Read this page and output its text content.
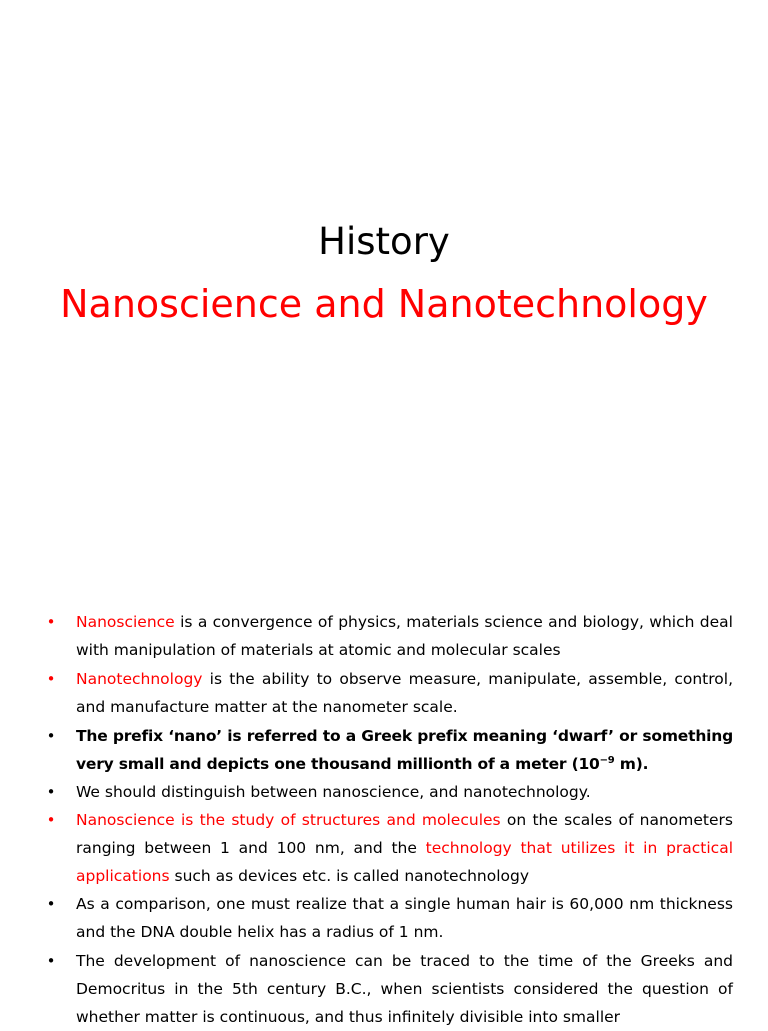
History
Nanoscience and Nanotechnology
• Nanoscience is a convergence of physics, materials science and biology, which deal with manipulation of materials at atomic and molecular scales
• Nanotechnology is the ability to observe measure, manipulate, assemble, control, and manufacture matter at the nanometer scale.
• The prefix ‘nano’ is referred to a Greek prefix meaning ‘dwarf’ or something very small and depicts one thousand millionth of a meter ($10^{-9}$ m).
• We should distinguish between nanoscience, and nanotechnology.
• Nanoscience is the study of structures and molecules on the scales of nanometers ranging between 1 and 100 nm, and the technology that utilizes it in practical applications such as devices etc. is called nanotechnology
• As a comparison, one must realize that a single human hair is 60,000 nm thickness and the DNA double helix has a radius of 1 nm.
• The development of nanoscience can be traced to the time of the Greeks and Democritus in the 5th century B.C., when scientists considered the question of whether matter is continuous, and thus infinitely divisible into smaller
